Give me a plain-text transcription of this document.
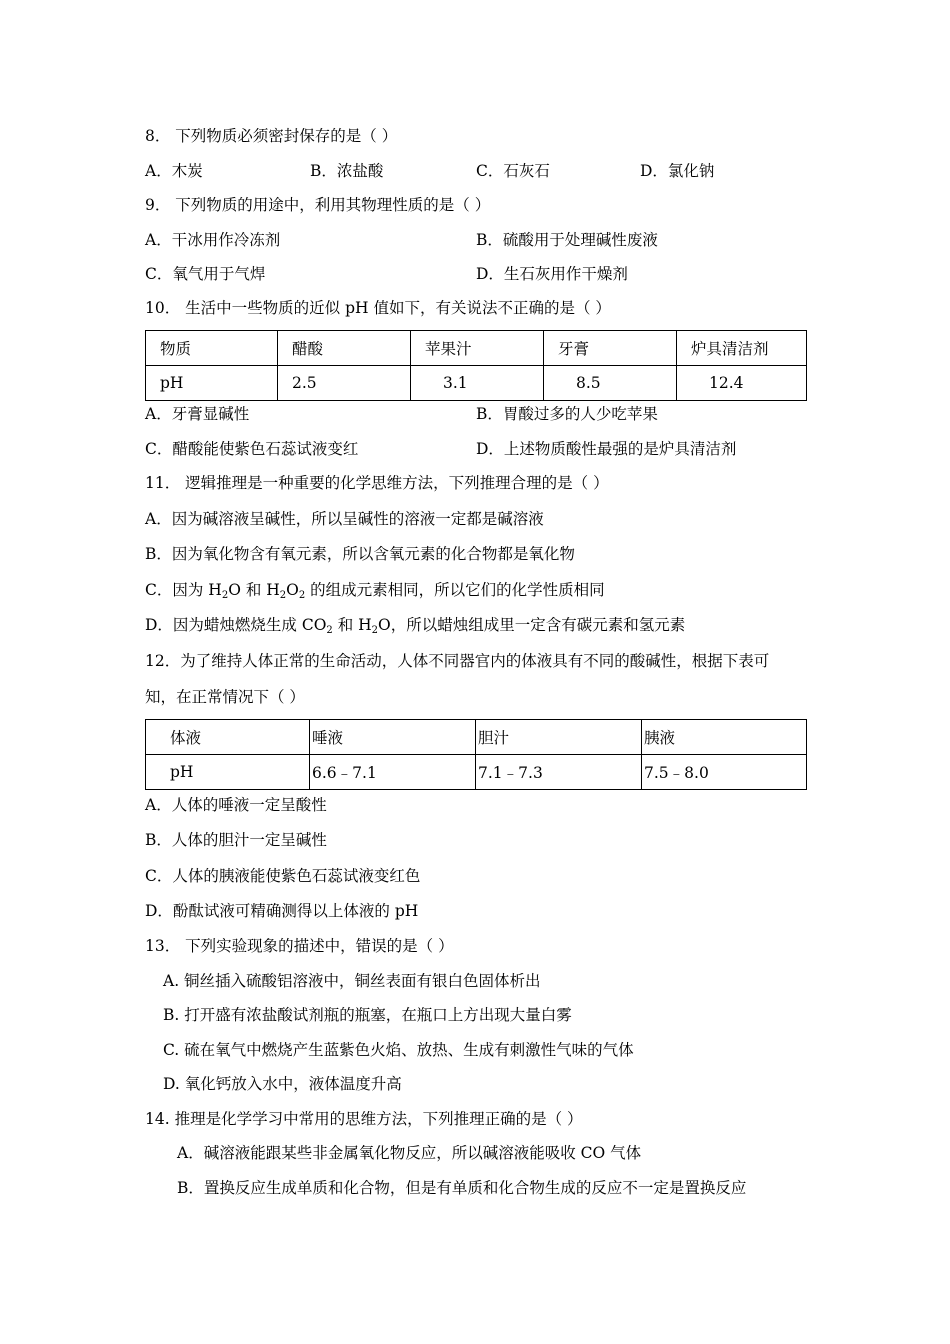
8． 下列物质必须密封保存的是（ ）
A．木炭	B．浓盐酸	C．石灰石	D．氯化钠
9． 下列物质的用途中，利用其物理性质的是（ ）
A．干冰用作冷冻剂	B．硫酸用于处理碱性废液
C．氧气用于气焊	D．生石灰用作干燥剂
10． 生活中一些物质的近似 pH 值如下，有关说法不正确的是（ ）
物质	醋酸	苹果汁	牙膏	炉具清洁剂
pH	2.5	3.1	8.5	12.4
A．牙膏显碱性	B．胃酸过多的人少吃苹果
C．醋酸能使紫色石蕊试液变红	D．上述物质酸性最强的是炉具清洁剂
11． 逻辑推理是一种重要的化学思维方法，下列推理合理的是（ ）
A．因为碱溶液呈碱性，所以呈碱性的溶液一定都是碱溶液
B．因为氧化物含有氧元素，所以含氧元素的化合物都是氧化物
C．因为 $H_2O$ 和 $H_2O_2$ 的组成元素相同，所以它们的化学性质相同
D．因为蜡烛燃烧生成 $CO_2$ 和 $H_2O$，所以蜡烛组成里一定含有碳元素和氢元素
12．为了维持人体正常的生命活动，人体不同器官内的体液具有不同的酸碱性，根据下表可
知，在正常情况下（ ）
体液	唾液	胆汁	胰液
pH	6.6﹣7.1	7.1﹣7.3	7.5﹣8.0
A．人体的唾液一定呈酸性
B．人体的胆汁一定呈碱性
C．人体的胰液能使紫色石蕊试液变红色
D．酚酞试液可精确测得以上体液的 pH
13． 下列实验现象的描述中，错误的是（ ）
A. 铜丝插入硫酸铝溶液中，铜丝表面有银白色固体析出
B. 打开盛有浓盐酸试剂瓶的瓶塞，在瓶口上方出现大量白雾
C. 硫在氧气中燃烧产生蓝紫色火焰、放热、生成有刺激性气味的气体
D. 氧化钙放入水中，液体温度升高
14. 推理是化学学习中常用的思维方法，下列推理正确的是（ ）
A．碱溶液能跟某些非金属氧化物反应，所以碱溶液能吸收 CO 气体
B．置换反应生成单质和化合物，但是有单质和化合物生成的反应不一定是置换反应
